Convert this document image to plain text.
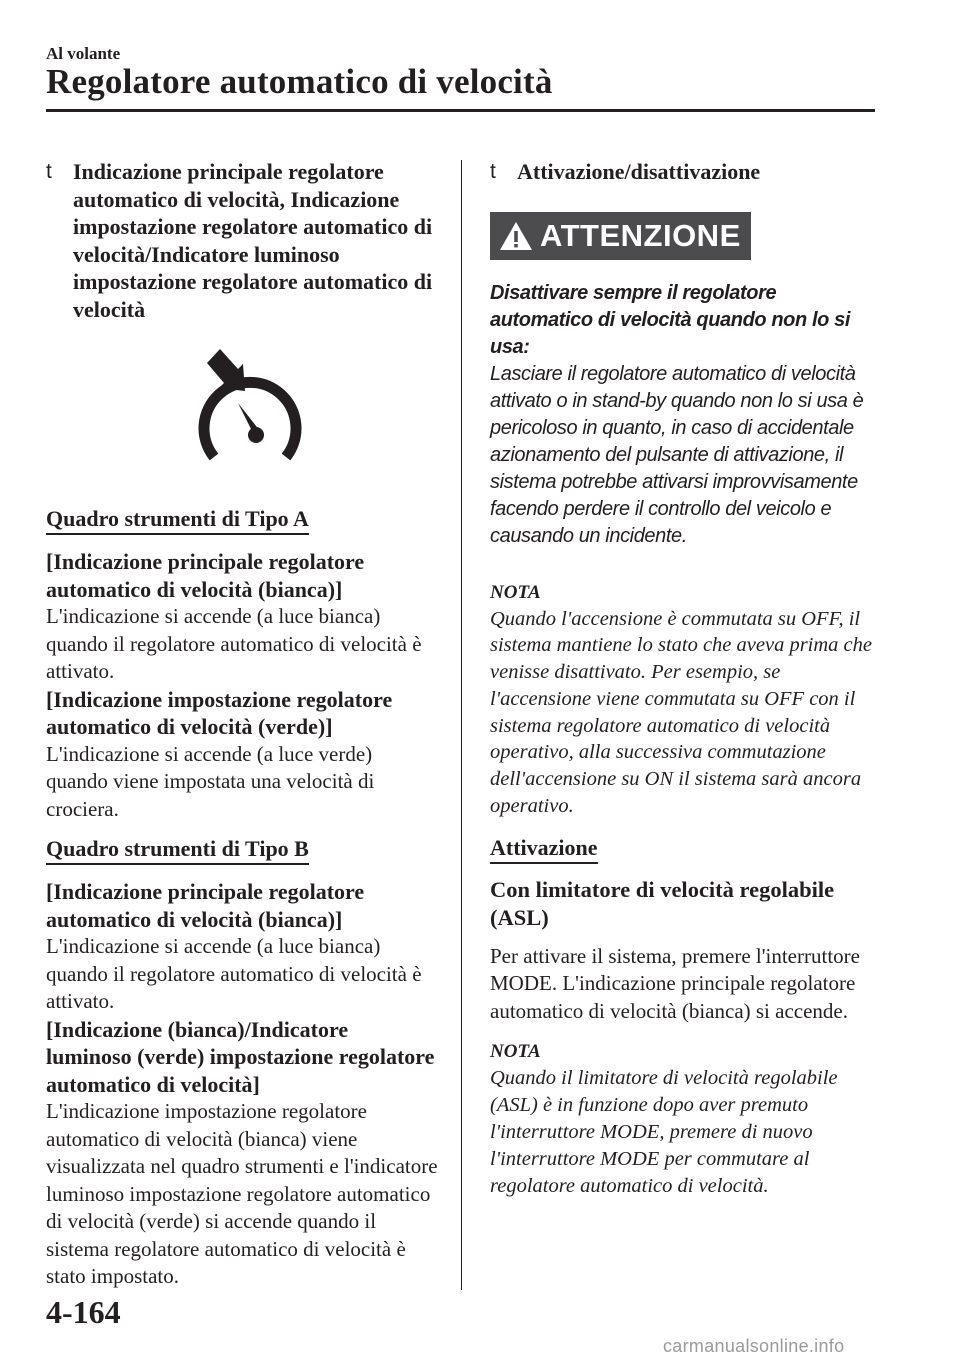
Al volante
Regolatore automatico di velocità
t Indicazione principale regolatore automatico di velocità, Indicazione impostazione regolatore automatico di velocità/Indicatore luminoso impostazione regolatore automatico di velocità
Quadro strumenti di Tipo A

[Indicazione principale regolatore automatico di velocità (bianca)]

L'indicazione si accende (a luce bianca) quando il regolatore automatico di velocità è attivato.

[Indicazione impostazione regolatore automatico di velocità (verde)]

L'indicazione si accende (a luce verde) quando viene impostata una velocità di crociera.

Quadro strumenti di Tipo B

[Indicazione principale regolatore automatico di velocità (bianca)]

L'indicazione si accende (a luce bianca) quando il regolatore automatico di velocità è attivato.

[Indicazione (bianca)/Indicatore luminoso (verde) impostazione regolatore automatico di velocità]

L'indicazione impostazione regolatore automatico di velocità (bianca) viene visualizzata nel quadro strumenti e l'indicatore luminoso impostazione regolatore automatico di velocità (verde) si accende quando il sistema regolatore automatico di velocità è stato impostato.

t Attivazione/disattivazione
ATTENZIONE

Disattivare sempre il regolatore automatico di velocità quando non lo si usa:

Lasciare il regolatore automatico di velocità attivato o in stand-by quando non lo si usa è pericoloso in quanto, in caso di accidentale azionamento del pulsante di attivazione, il sistema potrebbe attivarsi improvvisamente facendo perdere il controllo del veicolo e causando un incidente.

NOTA

Quando l'accensione è commutata su OFF, il sistema mantiene lo stato che aveva prima che venisse disattivato. Per esempio, se l'accensione viene commutata su OFF con il sistema regolatore automatico di velocità operativo, alla successiva commutazione dell'accensione su ON il sistema sarà ancora operativo.

Attivazione

Con limitatore di velocità regolabile (ASL)

Per attivare il sistema, premere l'interruttore MODE. L'indicazione principale regolatore automatico di velocità (bianca) si accende.

NOTA

Quando il limitatore di velocità regolabile (ASL) è in funzione dopo aver premuto l'interruttore MODE, premere di nuovo l'interruttore MODE per commutare al regolatore automatico di velocità.

4-164
carmanualsonline.info
